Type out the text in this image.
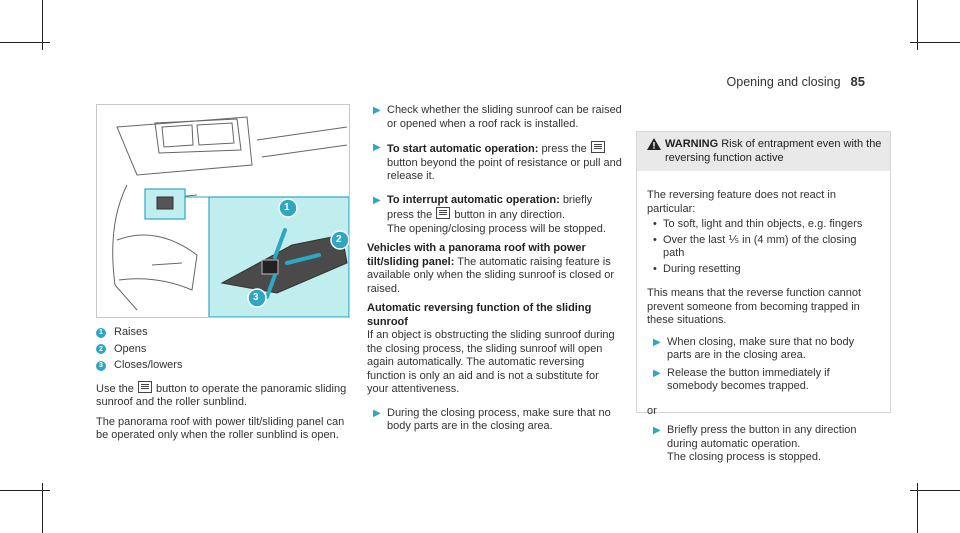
Opening and closing 85
1
2
3
1 Raises
2 Opens
3 Closes/lowers

Use the button to operate the panoramic sliding sunroof and the roller sunblind.

The panorama roof with power tilt/sliding panel can be operated only when the roller sunblind is open.

▶ Check whether the sliding sunroof can be raised or opened when a roof rack is installed.
▶ To start automatic operation: press the  button beyond the point of resistance or pull and release it.
▶ To interrupt automatic operation: briefly press the button in any direction.
The opening/closing process will be stopped.

Vehicles with a panorama roof with power tilt/sliding panel: The automatic raising feature is available only when the sliding sunroof is closed or raised.

Automatic reversing function of the sliding sunroof

If an object is obstructing the sliding sunroof during the closing process, the sliding sunroof will open again automatically. The automatic reversing function is only an aid and is not a substitute for your attentiveness.

▶ During the closing process, make sure that no body parts are in the closing area.
WARNING Risk of entrapment even with the reversing function active

The reversing feature does not react in particular:

• To soft, light and thin objects, e.g. fingers
• Over the last ⅕ in (4 mm) of the closing path
• During resetting

This means that the reverse function cannot prevent someone from becoming trapped in these situations.

▶ When closing, make sure that no body parts are in the closing area.
▶ Release the button immediately if somebody becomes trapped.

or

▶ Briefly press the button in any direction during automatic operation.
The closing process is stopped.
